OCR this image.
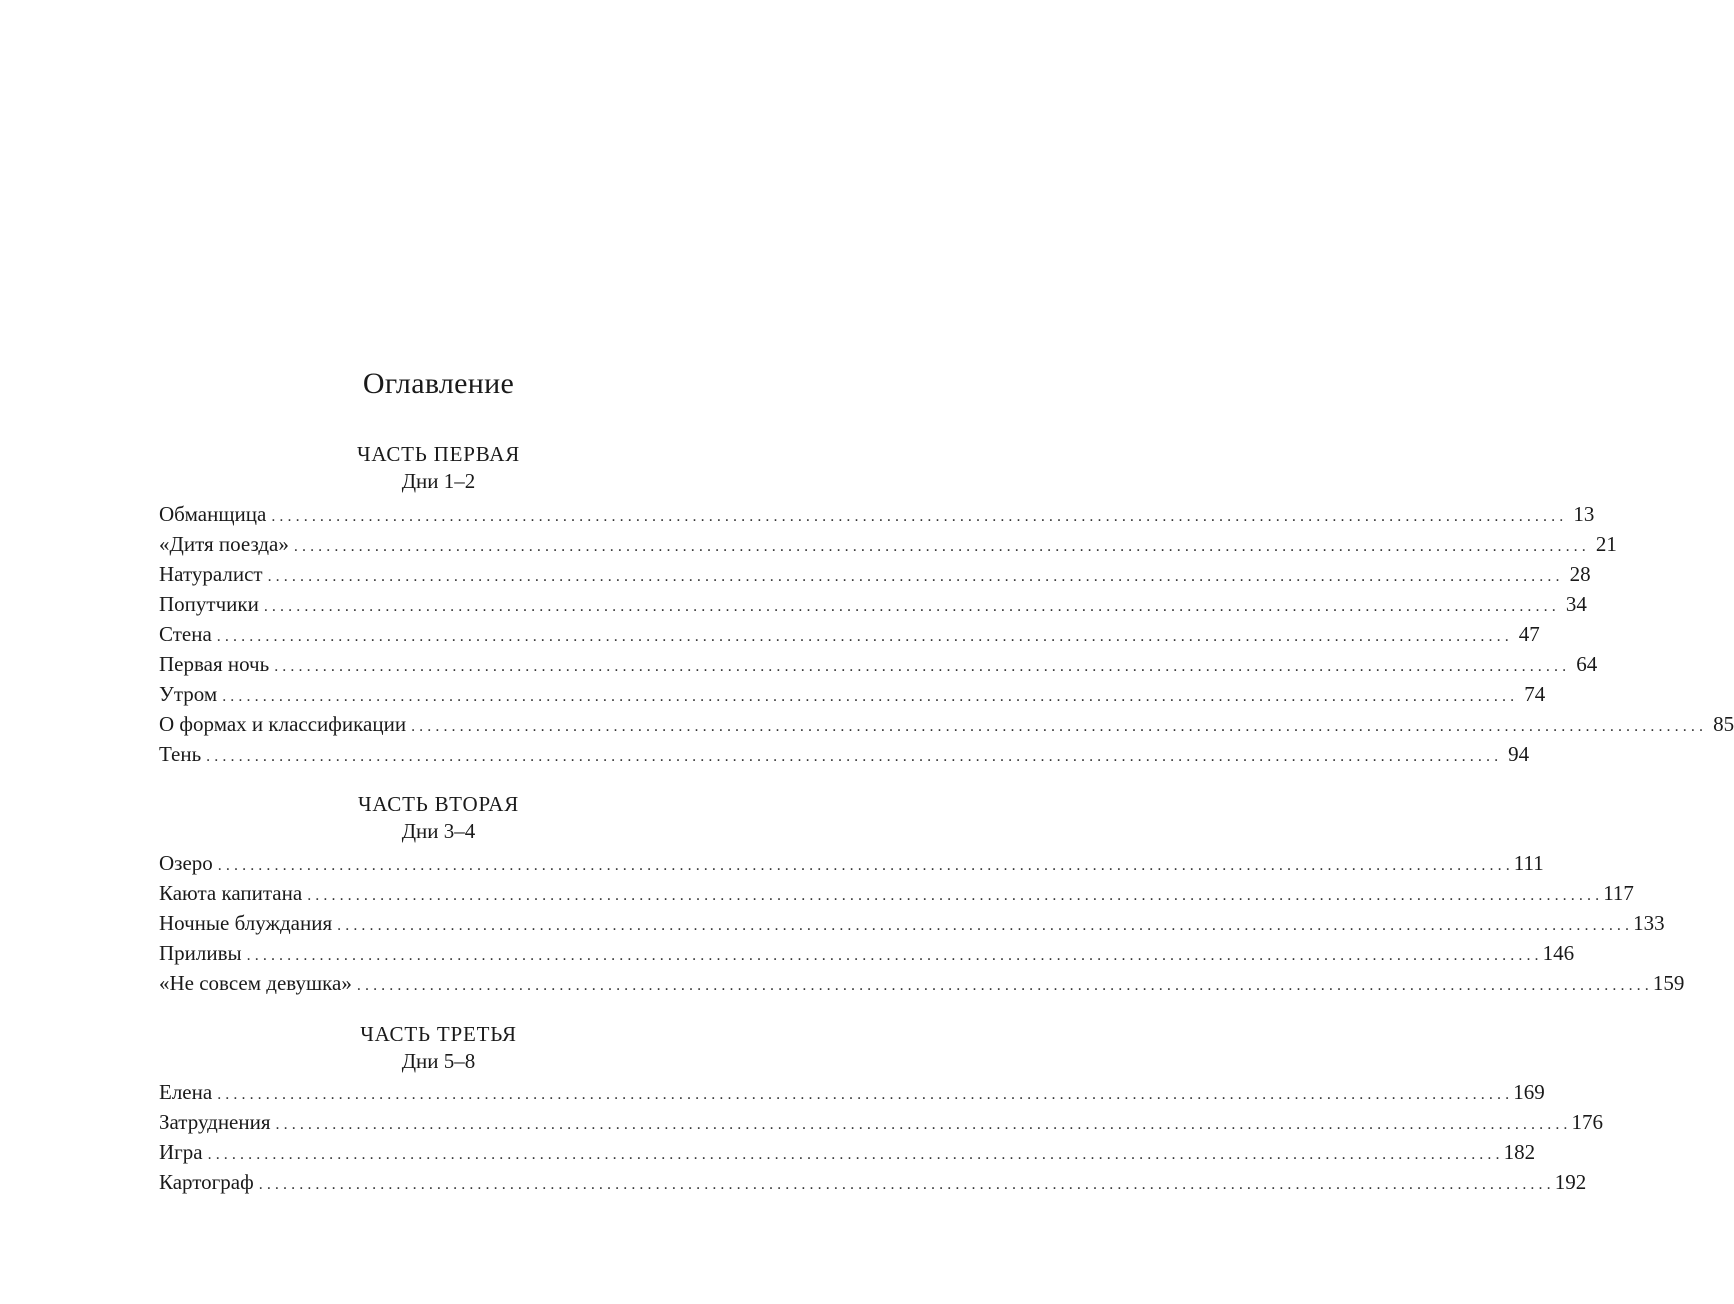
Оглавление
ЧАСТЬ ПЕРВАЯ
Дни 1–2
Обманщица ................................................................................................................................................................ 13
«Дитя поезда» ................................................................................................................................................................ 21
Натуралист ................................................................................................................................................................ 28
Попутчики ................................................................................................................................................................ 34
Стена ................................................................................................................................................................ 47
Первая ночь ................................................................................................................................................................ 64
Утром ................................................................................................................................................................ 74
О формах и классификации ................................................................................................................................................................ 85
Тень ................................................................................................................................................................ 94
ЧАСТЬ ВТОРАЯ
Дни 3–4
Озеро ................................................................................................................................................................ 111
Каюта капитана ................................................................................................................................................................ 117
Ночные блуждания ................................................................................................................................................................ 133
Приливы ................................................................................................................................................................ 146
«Не совсем девушка» ................................................................................................................................................................ 159
ЧАСТЬ ТРЕТЬЯ
Дни 5–8
Елена ................................................................................................................................................................ 169
Затруднения ................................................................................................................................................................ 176
Игра ................................................................................................................................................................ 182
Картограф ................................................................................................................................................................ 192
